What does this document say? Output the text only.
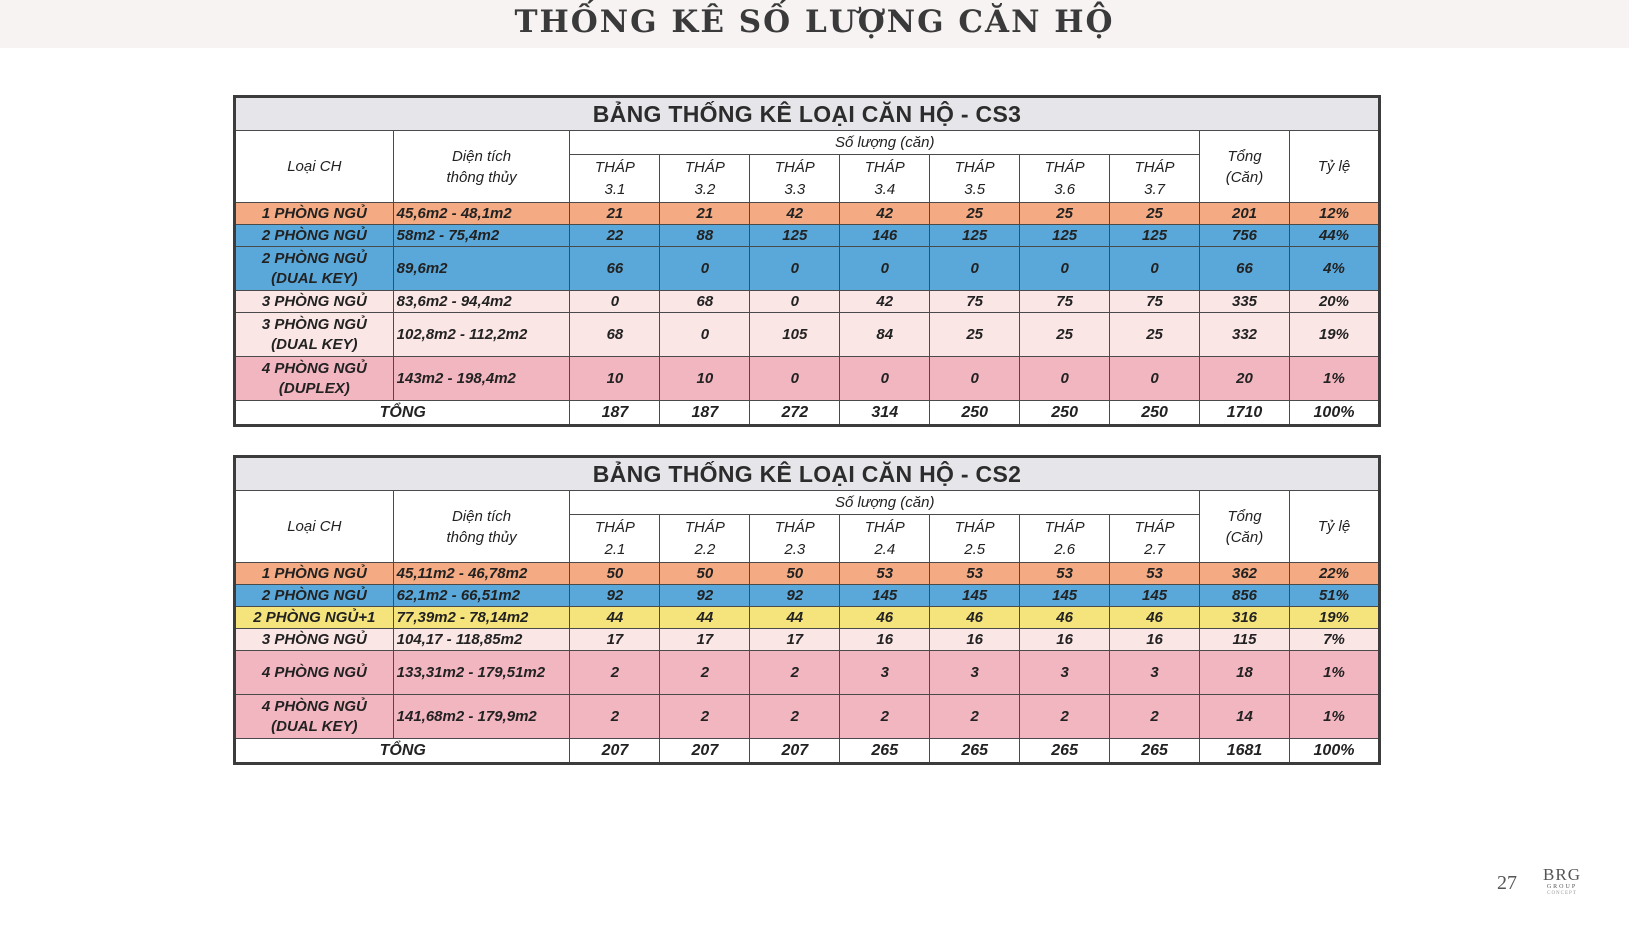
THỐNG KÊ SỐ LƯỢNG CĂN HỘ
BẢNG THỐNG KÊ LOẠI CĂN HỘ - CS3										
Loại CH	Diện tích thông thủy	Số lượng (căn)							Tổng (Căn)	Tỷ lệ
		THÁP 3.1	THÁP 3.2	THÁP 3.3	THÁP 3.4	THÁP 3.5	THÁP 3.6	THÁP 3.7		

1 PHÒNG NGỦ	45,6m2 - 48,1m2	21	21	42	42	25	25	25	201	12%
2 PHÒNG NGỦ	58m2 - 75,4m2	22	88	125	146	125	125	125	756	44%
2 PHÒNG NGỦ (DUAL KEY)	89,6m2	66	0	0	0	0	0	0	66	4%
3 PHÒNG NGỦ	83,6m2 - 94,4m2	0	68	0	42	75	75	75	335	20%
3 PHÒNG NGỦ (DUAL KEY)	102,8m2 - 112,2m2	68	0	105	84	25	25	25	332	19%
4 PHÒNG NGỦ (DUPLEX)	143m2 - 198,4m2	10	10	0	0	0	0	0	20	1%
TỔNG		187	187	272	314	250	250	250	1710	100%
BẢNG THỐNG KÊ LOẠI CĂN HỘ - CS2										
Loại CH	Diện tích thông thủy	Số lượng (căn)							Tổng (Căn)	Tỷ lệ
		THÁP 2.1	THÁP 2.2	THÁP 2.3	THÁP 2.4	THÁP 2.5	THÁP 2.6	THÁP 2.7		

1 PHÒNG NGỦ	45,11m2 - 46,78m2	50	50	50	53	53	53	53	362	22%
2 PHÒNG NGỦ	62,1m2 - 66,51m2	92	92	92	145	145	145	145	856	51%
2 PHÒNG NGỦ+1	77,39m2 - 78,14m2	44	44	44	46	46	46	46	316	19%
3 PHÒNG NGỦ	104,17 - 118,85m2	17	17	17	16	16	16	16	115	7%
4 PHÒNG NGỦ	133,31m2 - 179,51m2	2	2	2	3	3	3	3	18	1%
4 PHÒNG NGỦ (DUAL KEY)	141,68m2 - 179,9m2	2	2	2	2	2	2	2	14	1%
TỔNG		207	207	207	265	265	265	265	1681	100%
27 BRG
GROUP
CONCEPT
